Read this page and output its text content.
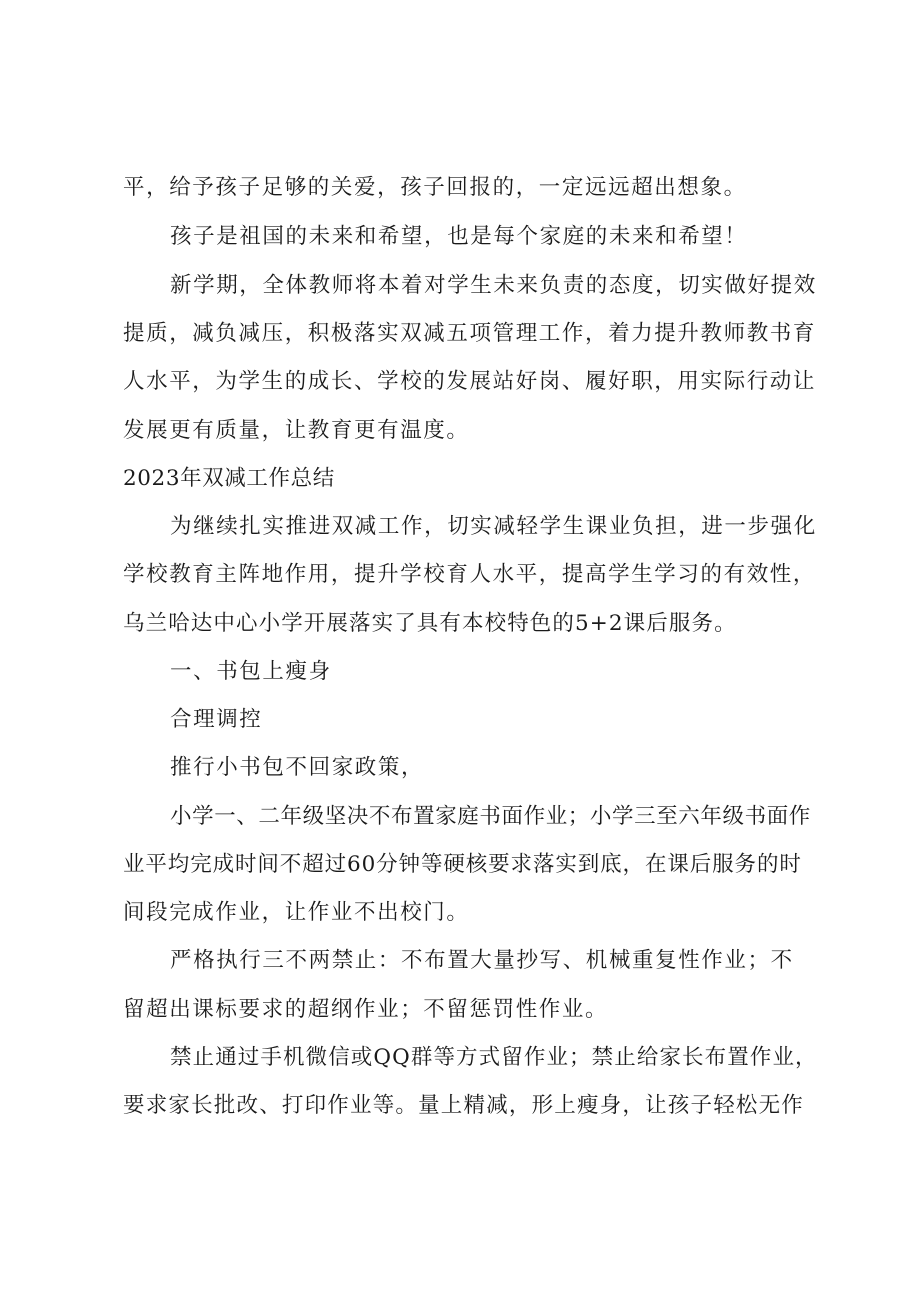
平，给予孩子足够的关爱，孩子回报的，一定远远超出想象。
孩子是祖国的未来和希望，也是每个家庭的未来和希望！
新学期，全体教师将本着对学生未来负责的态度，切实做好提效
提质，减负减压，积极落实双减五项管理工作，着力提升教师教书育
人水平，为学生的成长、学校的发展站好岗、履好职，用实际行动让
发展更有质量，让教育更有温度。
2023年双减工作总结
为继续扎实推进双减工作，切实减轻学生课业负担，进一步强化
学校教育主阵地作用，提升学校育人水平，提高学生学习的有效性，
乌兰哈达中心小学开展落实了具有本校特色的5+2课后服务。
一、书包上瘦身
合理调控
推行小书包不回家政策，
小学一、二年级坚决不布置家庭书面作业；小学三至六年级书面作
业平均完成时间不超过60分钟等硬核要求落实到底，在课后服务的时
间段完成作业，让作业不出校门。
严格执行三不两禁止：不布置大量抄写、机械重复性作业；不
留超出课标要求的超纲作业；不留惩罚性作业。
禁止通过手机微信或QQ群等方式留作业；禁止给家长布置作业，
要求家长批改、打印作业等。量上精减，形上瘦身，让孩子轻松无作
